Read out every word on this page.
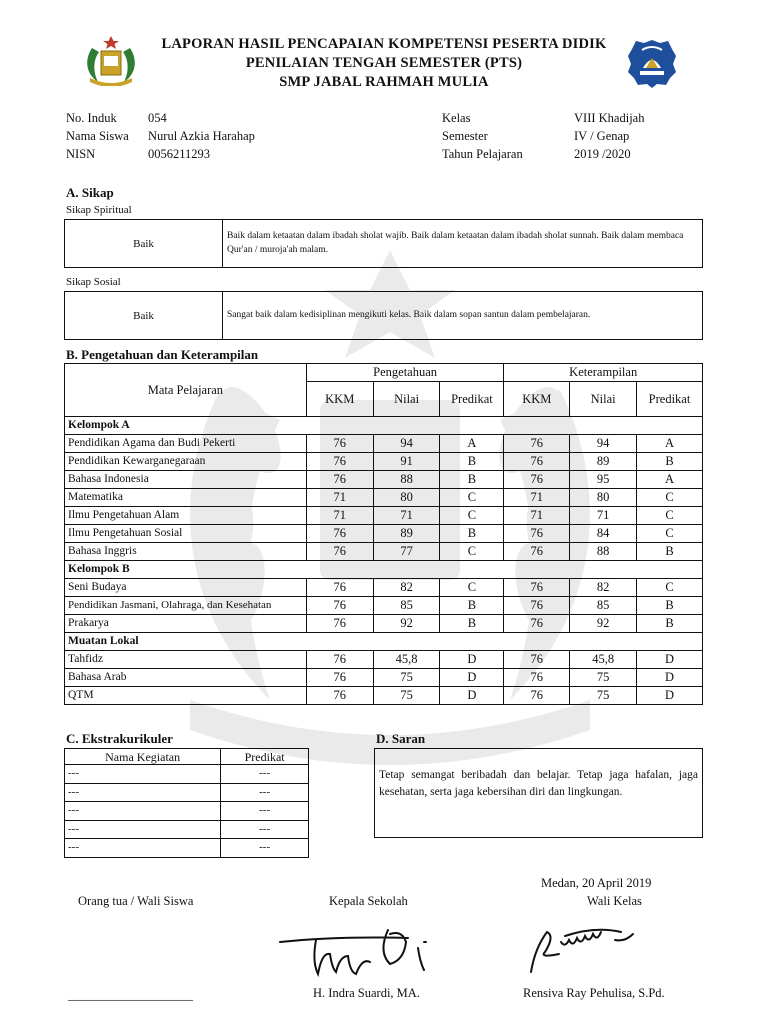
LAPORAN HASIL PENCAPAIAN KOMPETENSI PESERTA DIDIK
PENILAIAN TENGAH SEMESTER (PTS)
SMP JABAL RAHMAH MULIA
No. Induk	054
Nama Siswa Nurul Azkia Harahap
NISN	0056211293
Kelas	VIII Khadijah
Semester	IV / Genap
Tahun Pelajaran	2019 /2020
A. Sikap
Sikap Spiritual
Baik
Baik dalam ketaatan dalam ibadah sholat wajib. Baik dalam ketaatan dalam ibadah sholat sunnah. Baik dalam membaca Qur'an / muroja'ah malam.
Sikap Sosial
Baik	Sangat baik dalam kedisiplinan mengikuti kelas. Baik dalam sopan santun dalam pembelajaran.
B. Pengetahuan dan Keterampilan
Mata Pelajaran	Pengetahuan			Keterampilan		
	KKM	Nilai	Predikat	KKM	Nilai	Predikat
Kelompok A						
Pendidikan Agama dan Budi Pekerti	76	94	A	76	94	A
Pendidikan Kewarganegaraan	76	91	B	76	89	B
Bahasa Indonesia	76	88	B	76	95	A
Matematika	71	80	C	71	80	C
Ilmu Pengetahuan Alam	71	71	C	71	71	C
Ilmu Pengetahuan Sosial	76	89	B	76	84	C
Bahasa Inggris	76	77	C	76	88	B
Kelompok B						
Seni Budaya	76	82	C	76	82	C
Pendidikan Jasmani, Olahraga, dan Kesehatan	76	85	B	76	85	B
Prakarya	76	92	B	76	92	B
Muatan Lokal						
Tahfidz	76	45,8	D	76	45,8	D
Bahasa Arab	76	75	D	76	75	D
QTM	76	75	D	76	75	D
C. Ekstrakurikuler
Nama Kegiatan	Predikat
---	---
---	---
---	---
---	---
---	---
D. Saran
Tetap semangat beribadah dan belajar. Tetap jaga hafalan, jaga kesehatan, serta jaga kebersihan diri dan lingkungan.
Medan, 20 April 2019
Orang tua / Wali Siswa	Kepala Sekolah	Wali Kelas
____________________	H. Indra Suardi, MA.	Rensiva Ray Pehulisa, S.Pd.
